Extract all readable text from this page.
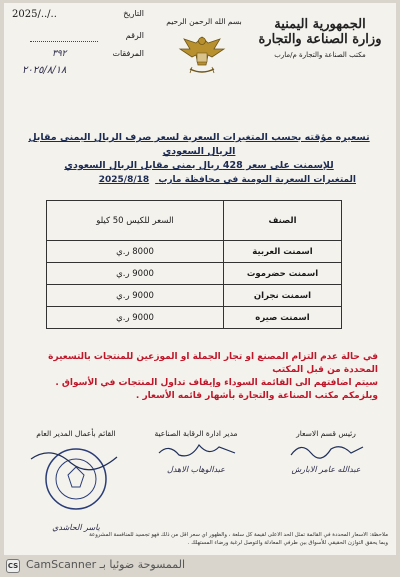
الجمهورية اليمنية
وزارة الصناعة والتجارة
مكتب الصناعة والتجارة م/مارب
بسم الله الرحمن الرحيم
التاريخ
2025/../..
الرقم
المرفقات
٣٩٢
٢٠٢٥/٨/١٨
تسعيره مؤقته بحسب المتغيرات السعرية لسعر صرف الريال اليمنى مقابل الريال السعودي
للإسمنت على سعر 428 ريال يمنى مقابل الريال السعودي
المتغيرات السعرية اليومية في محافظة مارب 2025/8/18
الصنف	السعر للكيس 50 كيلو
اسمنت العربية	8000 ر.ي
اسمنت حضرموت	9000 ر.ي
اسمنت نجران	9000 ر.ي
اسمنت صيره	9000 ر.ي
في حالة عدم التزام المصنع او تجار الجملة او الموزعين للمنتجات بالتسعيرة المحددة من قبل المكتب
سيتم اضافتهم الى القائمة السوداء وإيقاف تداول المنتجات في الأسواق .
ويلزمكم مكتب الصناعة والتجارة بأشهار قائمه الأسعار .
رئيس قسم الاسعار
عبدالله عامر الابارش
مدير ادارة الرقابة الصناعية
عبدالوهاب الاهدل
القائم بأعمال المدير العام
ياسر الحاشدي
ملاحظة: الاسعار المحددة في القائمة تمثل الحد الاعلى لقيمة كل سلعة ، والظهور اي سعر اقل من ذلك فهو تجسيد للمنافسة المشروعة
وبما يحقق التوازن الحقيقي للأسواق بين طرفي المعادلة والتوصل لرغبة ورضاء المستهلك .
CS الممسوحة ضوئيا بـ CamScanner
